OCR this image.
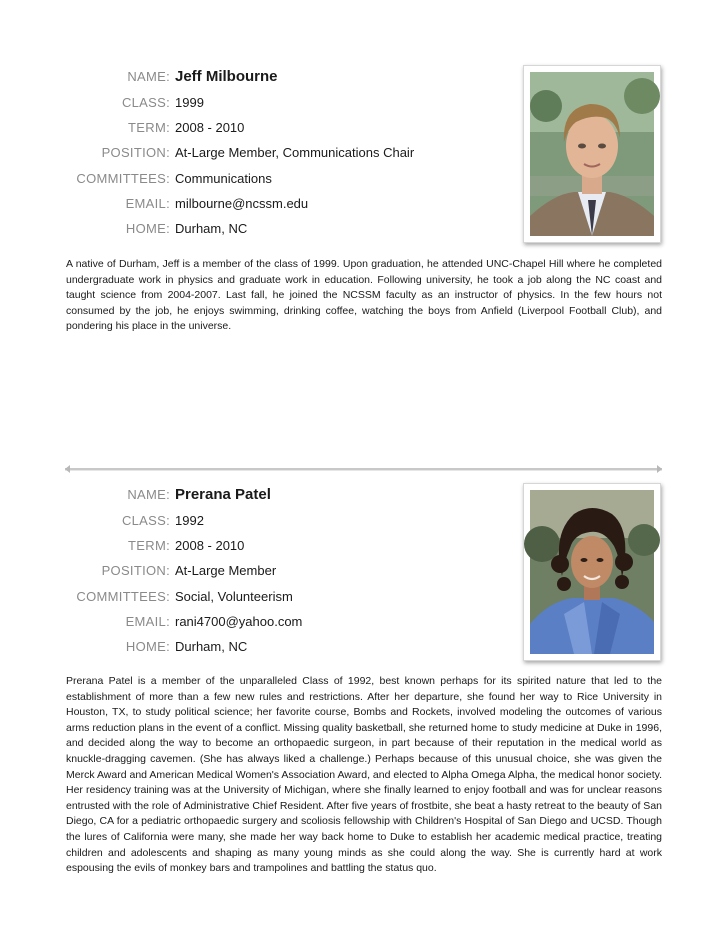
NAME: Jeff Milbourne
CLASS: 1999
TERM: 2008 - 2010
POSITION: At-Large Member, Communications Chair
COMMITTEES: Communications
EMAIL: milbourne@ncssm.edu
HOME: Durham, NC
A native of Durham, Jeff is a member of the class of 1999. Upon graduation, he attended UNC-Chapel Hill where he completed undergraduate work in physics and graduate work in education. Following university, he took a job along the NC coast and taught science from 2004-2007. Last fall, he joined the NCSSM faculty as an instructor of physics. In the few hours not consumed by the job, he enjoys swimming, drinking coffee, watching the boys from Anfield (Liverpool Football Club), and pondering his place in the universe.
NAME: Prerana Patel
CLASS: 1992
TERM: 2008 - 2010
POSITION: At-Large Member
COMMITTEES: Social, Volunteerism
EMAIL: rani4700@yahoo.com
HOME: Durham, NC
Prerana Patel is a member of the unparalleled Class of 1992, best known perhaps for its spirited nature that led to the establishment of more than a few new rules and restrictions. After her departure, she found her way to Rice University in Houston, TX, to study political science; her favorite course, Bombs and Rockets, involved modeling the outcomes of various arms reduction plans in the event of a conflict. Missing quality basketball, she returned home to study medicine at Duke in 1996, and decided along the way to become an orthopaedic surgeon, in part because of their reputation in the medical world as knuckle-dragging cavemen. (She has always liked a challenge.) Perhaps because of this unusual choice, she was given the Merck Award and American Medical Women's Association Award, and elected to Alpha Omega Alpha, the medical honor society. Her residency training was at the University of Michigan, where she finally learned to enjoy football and was for unclear reasons entrusted with the role of Administrative Chief Resident. After five years of frostbite, she beat a hasty retreat to the beauty of San Diego, CA for a pediatric orthopaedic surgery and scoliosis fellowship with Children's Hospital of San Diego and UCSD. Though the lures of California were many, she made her way back home to Duke to establish her academic medical practice, treating children and adolescents and shaping as many young minds as she could along the way. She is currently hard at work espousing the evils of monkey bars and trampolines and battling the status quo.
